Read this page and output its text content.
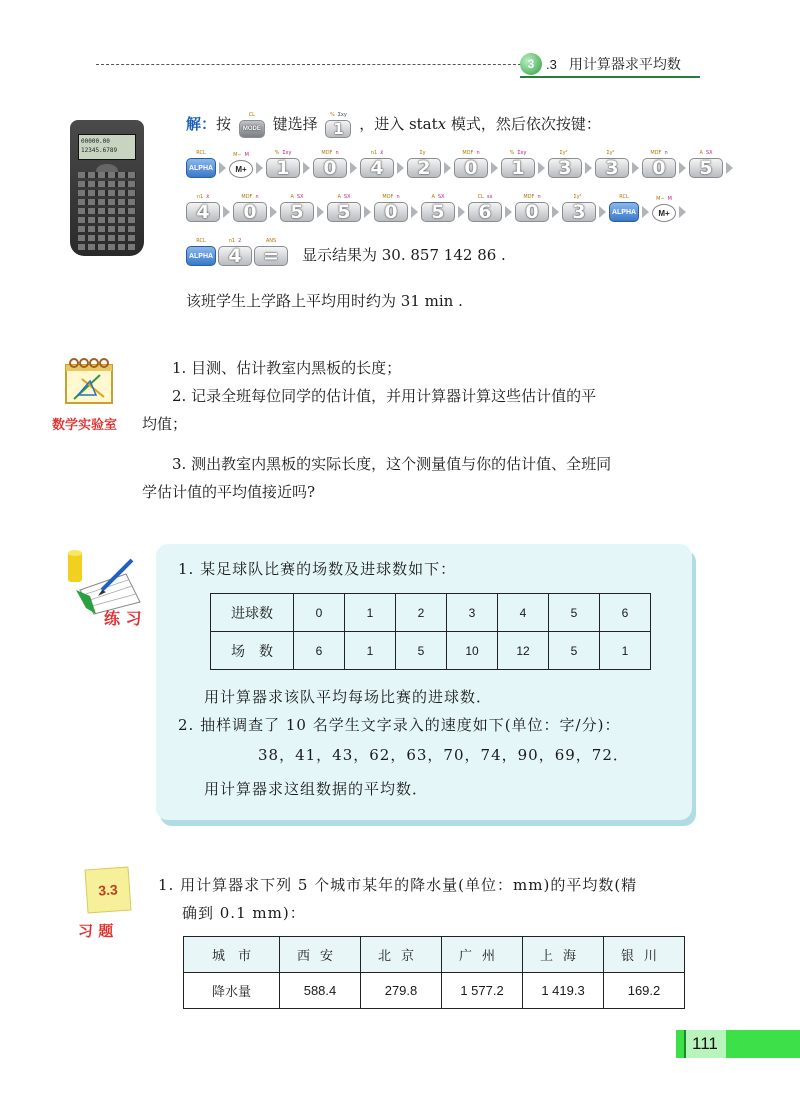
3 .3 用计算器求平均数
00000.00
12345.6789
解：按	CL
MODE 键选择 % Σxy
1	，进入 statx 模式，然后依次按键：
RCL
ALPHA
M− M
M+
% Σxy
1
MDF n
0
n1 x̄
4
Σy
2
MDF n
0
% Σxy
1
Σy²
3
Σy²
3
MDF n
0
A SX
5
n1 x̄
4
MDF n
0
A SX
5
A SX
5
MDF n
0
A SX
5
CL sx
6
MDF n
0
Σy²
3
RCL
ALPHA
M− M
M+
RCL
ALPHA
n1 2
4
ANS
=	显示结果为 30. 857 142 86 .
该班学生上学路上平均用时约为 31 min .
数学实验室
1. 目测、估计教室内黑板的长度；
2. 记录全班每位同学的估计值，并用计算器计算这些估计值的平
均值；
3. 测出教室内黑板的实际长度，这个测量值与你的估计值、全班同
学估计值的平均值接近吗?
练 习
1. 某足球队比赛的场数及进球数如下：
进球数	0	1	2	3	4	5	6
场　数	6	1	5	10	12	5	1
用计算器求该队平均每场比赛的进球数．
2. 抽样调查了 10 名学生文字录入的速度如下(单位：字/分)：
38，41，43，62，63，70，74，90，69，72．
用计算器求这组数据的平均数．
3.3
习 题
1. 用计算器求下列 5 个城市某年的降水量(单位：mm)的平均数(精
确到 0.1 mm)：
城　市	西安	北京	广州	上海	银川
降水量	588.4	279.8	1 577.2	1 419.3	169.2
111
